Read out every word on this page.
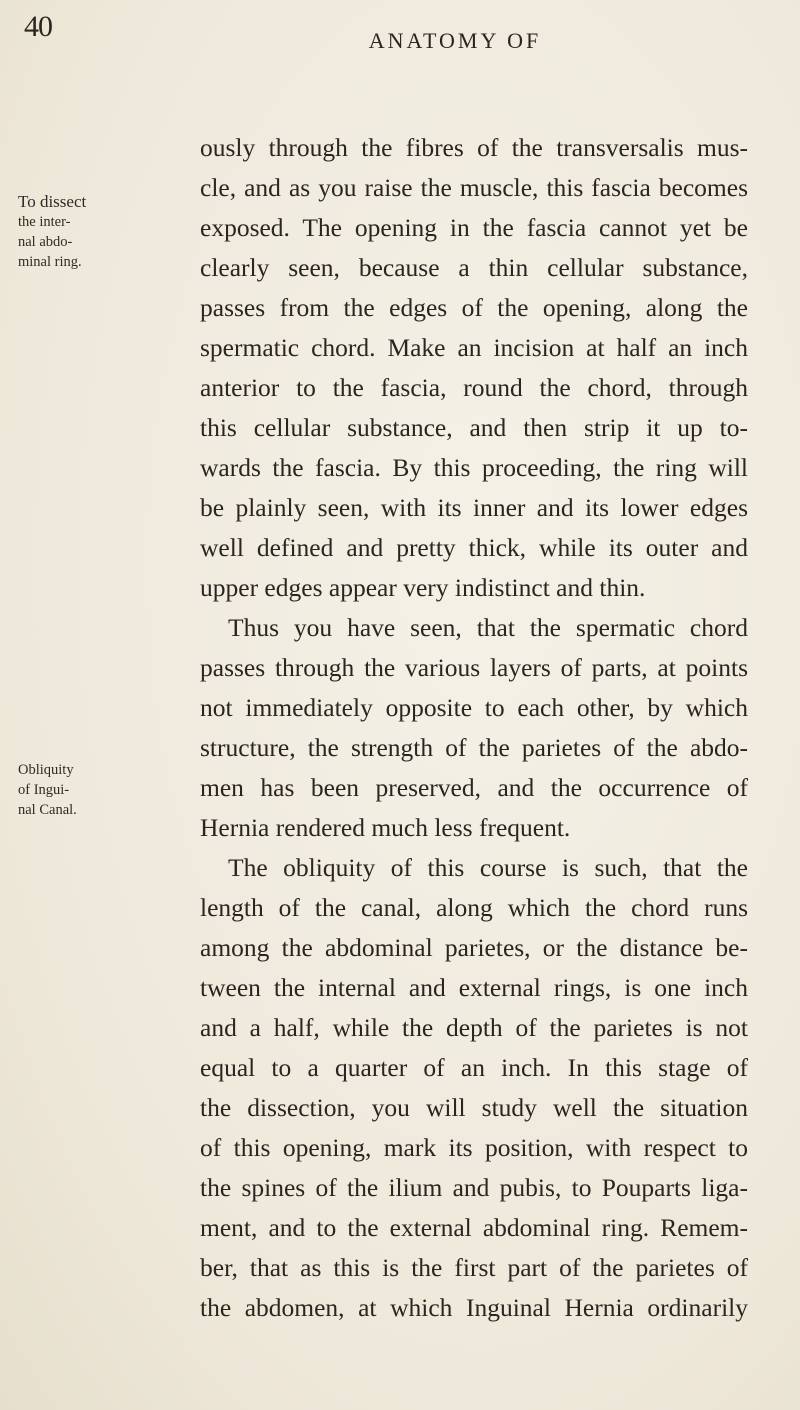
40	ANATOMY OF
To dissect
the inter-
nal abdo-
minal ring.
Obliquity
of Ingui-
nal Canal.
ously through the fibres of the transversalis mus-
cle, and as you raise the muscle, this fascia becomes
exposed. The opening in the fascia cannot yet be
clearly seen, because a thin cellular substance,
passes from the edges of the opening, along the
spermatic chord. Make an incision at half an inch
anterior to the fascia, round the chord, through
this cellular substance, and then strip it up to-
wards the fascia. By this proceeding, the ring will
be plainly seen, with its inner and its lower edges
well defined and pretty thick, while its outer and
upper edges appear very indistinct and thin.
Thus you have seen, that the spermatic chord
passes through the various layers of parts, at points
not immediately opposite to each other, by which
structure, the strength of the parietes of the abdo-
men has been preserved, and the occurrence of
Hernia rendered much less frequent.
The obliquity of this course is such, that the
length of the canal, along which the chord runs
among the abdominal parietes, or the distance be-
tween the internal and external rings, is one inch
and a half, while the depth of the parietes is not
equal to a quarter of an inch. In this stage of
the dissection, you will study well the situation
of this opening, mark its position, with respect to
the spines of the ilium and pubis, to Pouparts liga-
ment, and to the external abdominal ring. Remem-
ber, that as this is the first part of the parietes of
the abdomen, at which Inguinal Hernia ordinarily
